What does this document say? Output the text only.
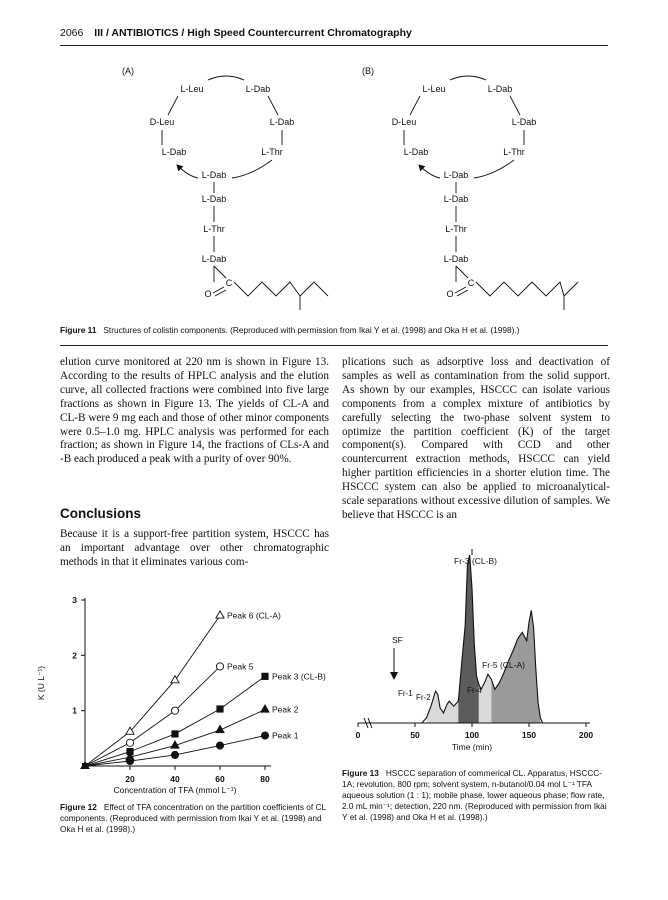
2066 III / ANTIBIOTICS / High Speed Countercurrent Chromatography
(A)	(B)
L-Leu	L-Dab
D-Leu	L-Dab
L-Dab	L-Thr
L-Dab
L-Dab
L-Thr
L-Dab
C
O
L-Leu	L-Dab
D-Leu	L-Dab
L-Dab	L-Thr
L-Dab
L-Dab
L-Thr
L-Dab
C
O
Figure 11 Structures of colistin components. (Reproduced with permission from Ikai Y et al. (1998) and Oka H et al. (1998).)
elution curve monitored at 220 nm is shown in Figure 13. According to the results of HPLC analysis and the elution curve, all collected fractions were combined into five large fractions as shown in Figure 13. The yields of CL-A and CL-B were 9 mg each and those of other minor components were 0.5–1.0 mg. HPLC analysis was performed for each fraction; as shown in Figure 14, the fractions of CLs-A and -B each produced a peak with a purity of over 90%.
Conclusions
Because it is a support-free partition system, HSCCC has an important advantage over other chromatographic methods in that it eliminates various com-
plications such as adsorptive loss and deactivation of samples as well as contamination from the solid support. As shown by our examples, HSCCC can isolate various components from a complex mixture of antibiotics by carefully selecting the two-phase solvent system to optimize the partition coefficient (K) of the target component(s). Compared with CCD and other countercurrent extraction methods, HSCCC can yield higher partition efficiencies in a shorter elution time. The HSCCC system can also be applied to microanalytical-scale separations without excessive dilution of samples. We believe that HSCCC is an
20	40	60	80
1
2
3
Concentration of TFA (mmol L⁻¹)
K (U L⁻¹)
Peak 6 (CL-A)
Peak 5
Peak 3 (CL-B)
Peak 2
Peak 1
Figure 12 Effect of TFA concentration on the partition coefficients of CL components. (Reproduced with permission from Ikai Y et al. (1998) and Oka H et al. (1998).)
0	50	100	150	200
Time (min)
SF
Fr-1 Fr-2
Fr-3 (CL-B)
Fr-4
Fr-5 (CL-A)
Figure 13 HSCCC separation of commerical CL. Apparatus, HSCCC-1A; revolution, 800 rpm; solvent system, n-butanol/0.04 mol L⁻¹ TFA aqueous solution (1 : 1); mobile phase, lower aqueous phase; flow rate, 2.0 mL min⁻¹; detection, 220 nm. (Reproduced with permission from Ikai Y et al. (1998) and Oka H et al. (1998).)
